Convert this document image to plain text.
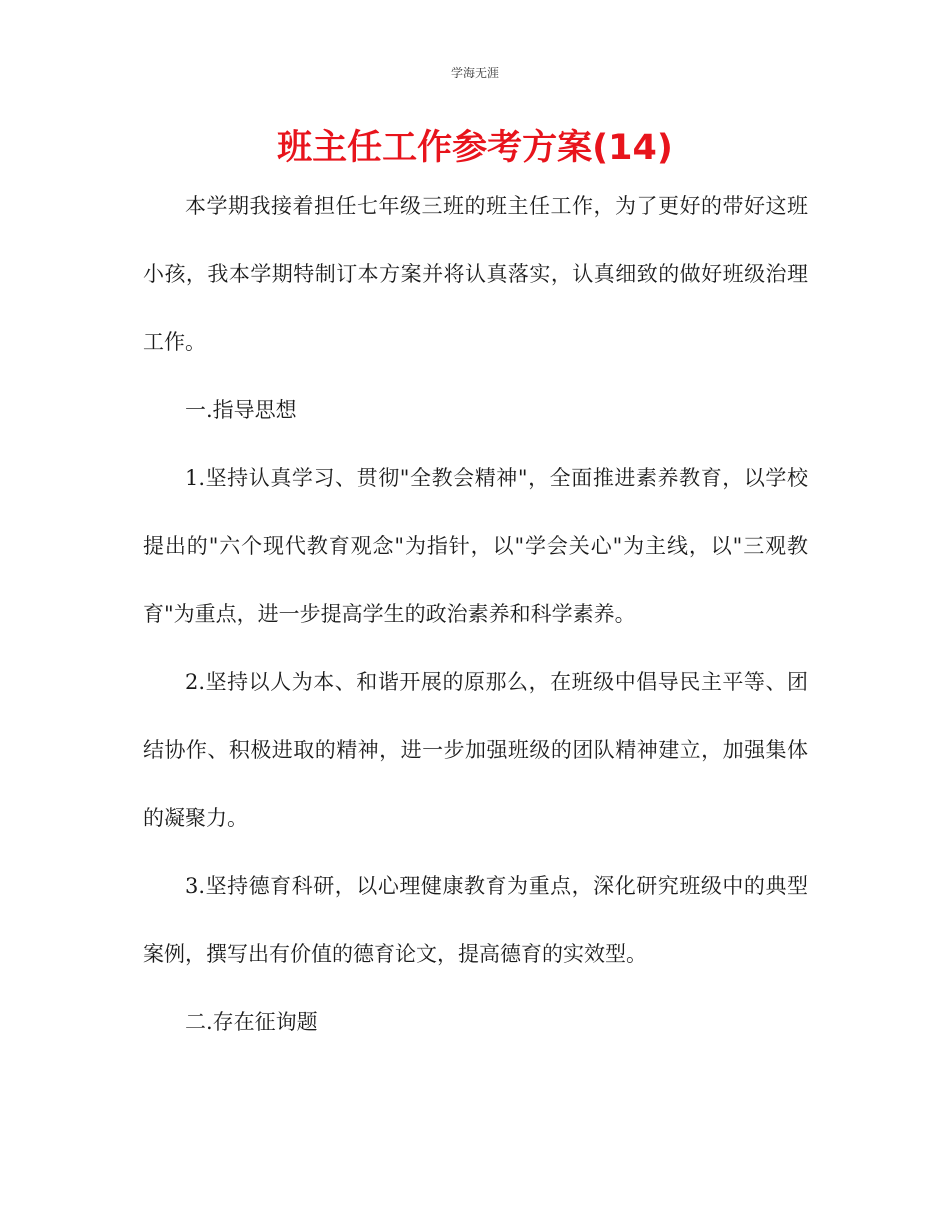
学海无涯
班主任工作参考方案(14)

本学期我接着担任七年级三班的班主任工作，为了更好的带好这班小孩，我本学期特制订本方案并将认真落实，认真细致的做好班级治理工作。

一.指导思想

1.坚持认真学习、贯彻"全教会精神"，全面推进素养教育，以学校提出的"六个现代教育观念"为指针，以"学会关心"为主线，以"三观教育"为重点，进一步提高学生的政治素养和科学素养。

2.坚持以人为本、和谐开展的原那么，在班级中倡导民主平等、团结协作、积极进取的精神，进一步加强班级的团队精神建立，加强集体的凝聚力。

3.坚持德育科研，以心理健康教育为重点，深化研究班级中的典型案例，撰写出有价值的德育论文，提高德育的实效型。

二.存在征询题
